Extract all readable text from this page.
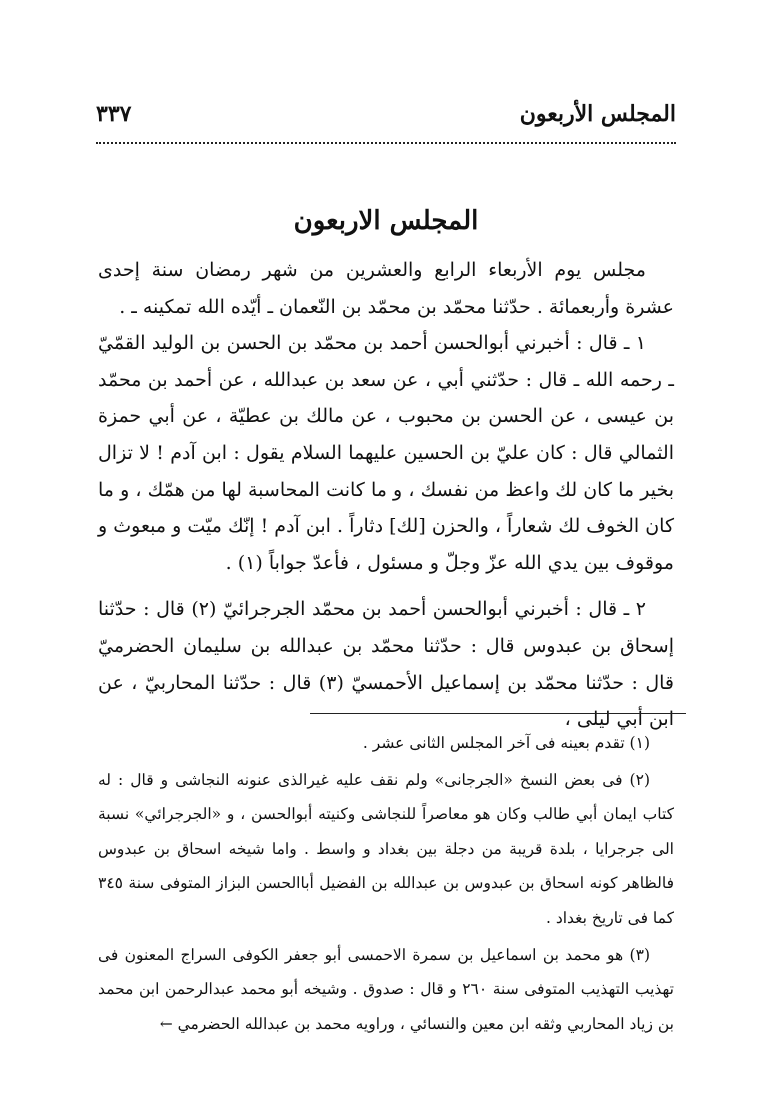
المجلس الأربعون
٣٣٧
المجلس الاربعون

مجلس يوم الأربعاء الرابع والعشرين من شهر رمضان سنة إحدى عشرة وأربعمائة . حدّثنا محمّد بن محمّد بن النّعمان ـ أيّده الله تمكينه ـ .

١ ـ قال : أخبرني أبوالحسن أحمد بن محمّد بن الحسن بن الوليد القمّيّ ـ رحمه الله ـ قال : حدّثني أبي ، عن سعد بن عبدالله ، عن أحمد بن محمّد بن عيسى ، عن الحسن بن محبوب ، عن مالك بن عطيّة ، عن أبي حمزة الثمالي قال : كان عليّ بن الحسين عليهما السلام يقول : ابن آدم ! لا تزال بخير ما كان لك واعظ من نفسك ، و ما كانت المحاسبة لها من همّك ، و ما كان الخوف لك شعاراً ، والحزن [لك] دثاراً . ابن آدم ! إنّك ميّت و مبعوث و موقوف بين يدي الله عزّ وجلّ و مسئول ، فأعدّ جواباً (١) .

٢ ـ قال : أخبرني أبوالحسن أحمد بن محمّد الجرجرائيّ (٢) قال : حدّثنا إسحاق بن عبدوس قال : حدّثنا محمّد بن عبدالله بن سليمان الحضرميّ قال : حدّثنا محمّد بن إسماعيل الأحمسيّ (٣) قال : حدّثنا المحاربيّ ، عن ابن أبي ليلى ،

(١) تقدم بعينه فى آخر المجلس الثانى عشر .

(٢) فى بعض النسخ «الجرجانى» ولم نقف عليه غيرالذى عنونه النجاشى و قال : له كتاب ايمان أبي طالب وكان هو معاصراً للنجاشى وكنيته أبوالحسن ، و «الجرجرائي» نسبة الى جرجرايا ، بلدة قريبة من دجلة بين بغداد و واسط . واما شيخه اسحاق بن عبدوس فالظاهر كونه اسحاق بن عبدوس بن عبدالله بن الفضيل أباالحسن البزاز المتوفى سنة ٣٤٥ كما فى تاريخ بغداد .

(٣) هو محمد بن اسماعيل بن سمرة الاحمسى أبو جعفر الكوفى السراج المعنون فى تهذيب التهذيب المتوفى سنة ٢٦٠ و قال : صدوق . وشيخه أبو محمد عبدالرحمن ابن محمد بن زياد المحاربي وثقه ابن معين والنسائي ، وراويه محمد بن عبدالله الحضرمي ←
